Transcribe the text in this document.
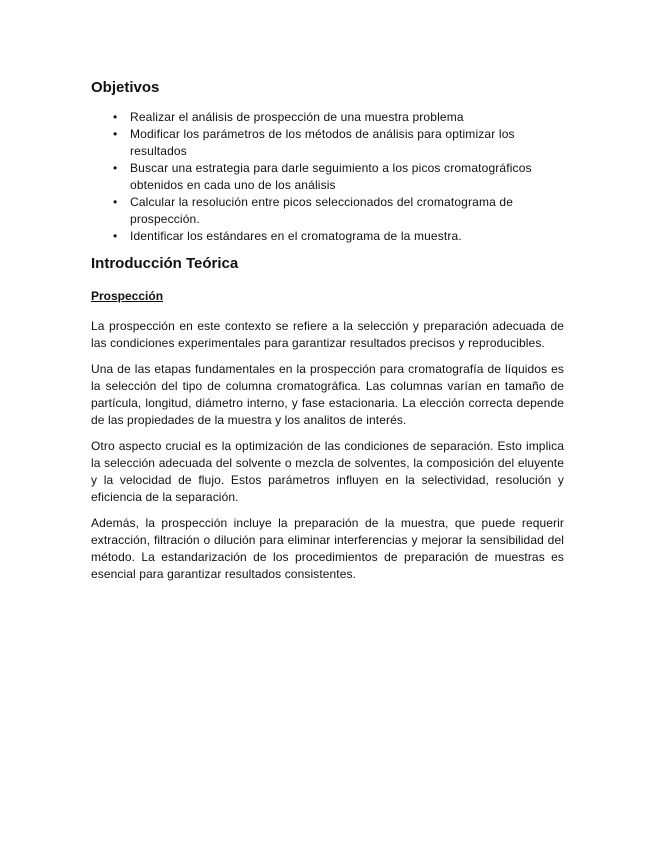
Objetivos
• Realizar el análisis de prospección de una muestra problema
• Modificar los parámetros de los métodos de análisis para optimizar los resultados
• Buscar una estrategia para darle seguimiento a los picos cromatográficos obtenidos en cada uno de los análisis
• Calcular la resolución entre picos seleccionados del cromatograma de prospección.
• Identificar los estándares en el cromatograma de la muestra.
Introducción Teórica
Prospección

La prospección en este contexto se refiere a la selección y preparación adecuada de las condiciones experimentales para garantizar resultados precisos y reproducibles.

Una de las etapas fundamentales en la prospección para cromatografía de líquidos es la selección del tipo de columna cromatográfica. Las columnas varían en tamaño de partícula, longitud, diámetro interno, y fase estacionaria. La elección correcta depende de las propiedades de la muestra y los analitos de interés.

Otro aspecto crucial es la optimización de las condiciones de separación. Esto implica la selección adecuada del solvente o mezcla de solventes, la composición del eluyente y la velocidad de flujo. Estos parámetros influyen en la selectividad, resolución y eficiencia de la separación.

Además, la prospección incluye la preparación de la muestra, que puede requerir extracción, filtración o dilución para eliminar interferencias y mejorar la sensibilidad del método. La estandarización de los procedimientos de preparación de muestras es esencial para garantizar resultados consistentes.
